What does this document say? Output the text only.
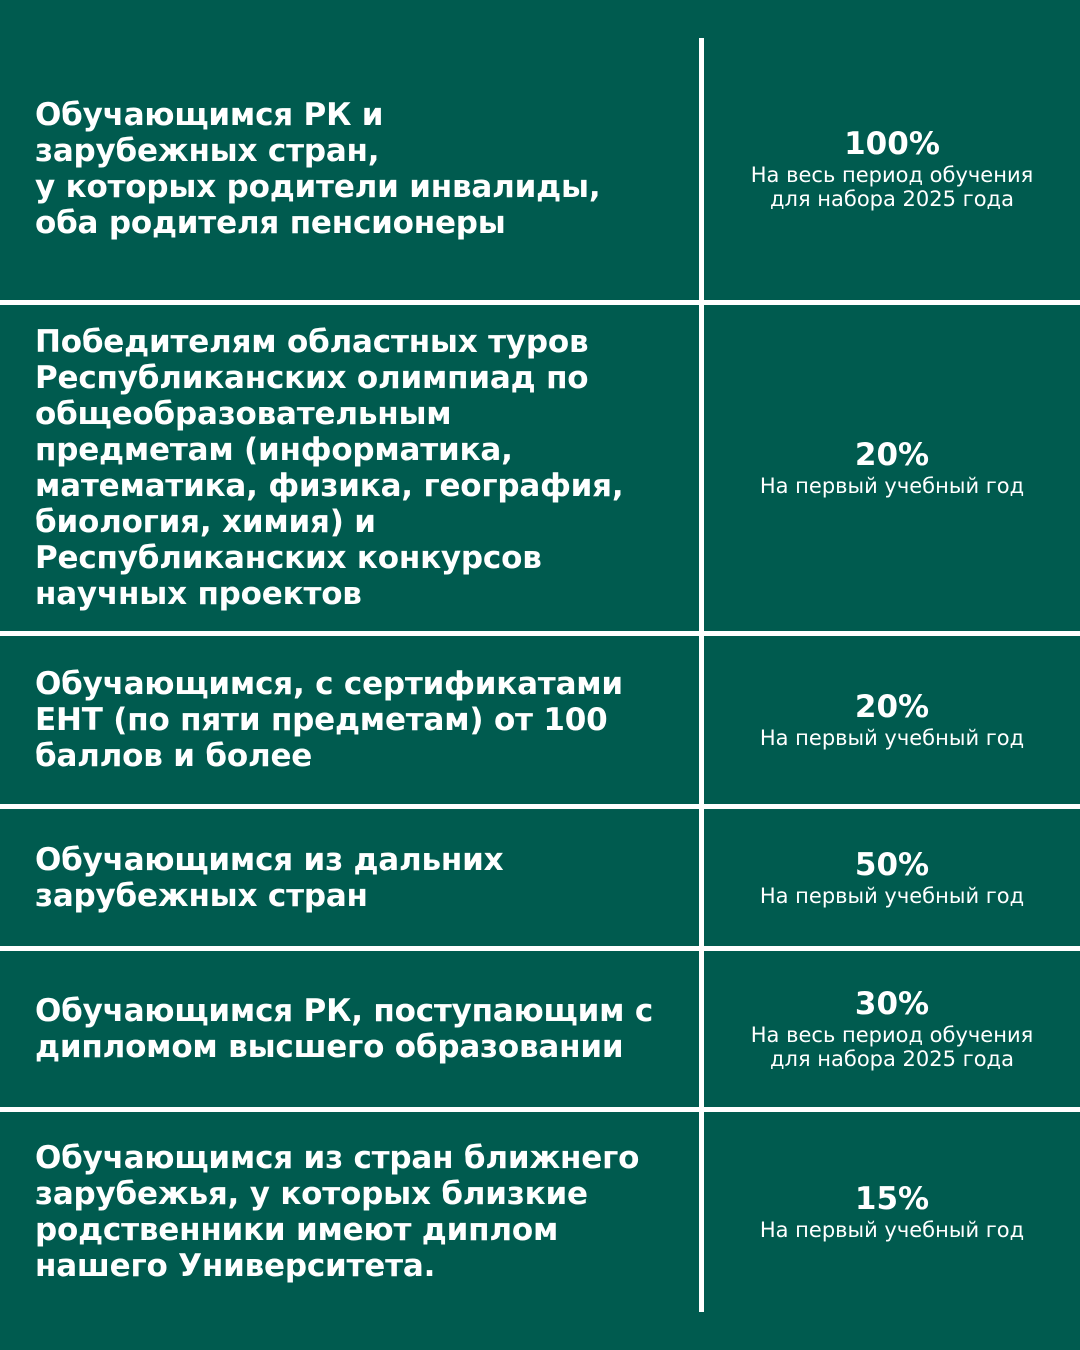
Обучающимся РК и
зарубежных стран,
у которых родители инвалиды,
оба родителя пенсионеры
100%
На весь период обучения
для набора 2025 года
Победителям областных туров
Республиканских олимпиад по
общеобразовательным
предметам (информатика,
математика, физика, география,
биология, химия) и
Республиканских конкурсов
научных проектов
20%
На первый учебный год
Обучающимся, с сертификатами
ЕНТ (по пяти предметам) от 100
баллов и более
20%
На первый учебный год
Обучающимся из дальних
зарубежных стран
50%
На первый учебный год
Обучающимся РК, поступающим с
дипломом высшего образовании
30%
На весь период обучения
для набора 2025 года
Обучающимся из стран ближнего
зарубежья, у которых близкие
родственники имеют диплом
нашего Университета.
15%
На первый учебный год
